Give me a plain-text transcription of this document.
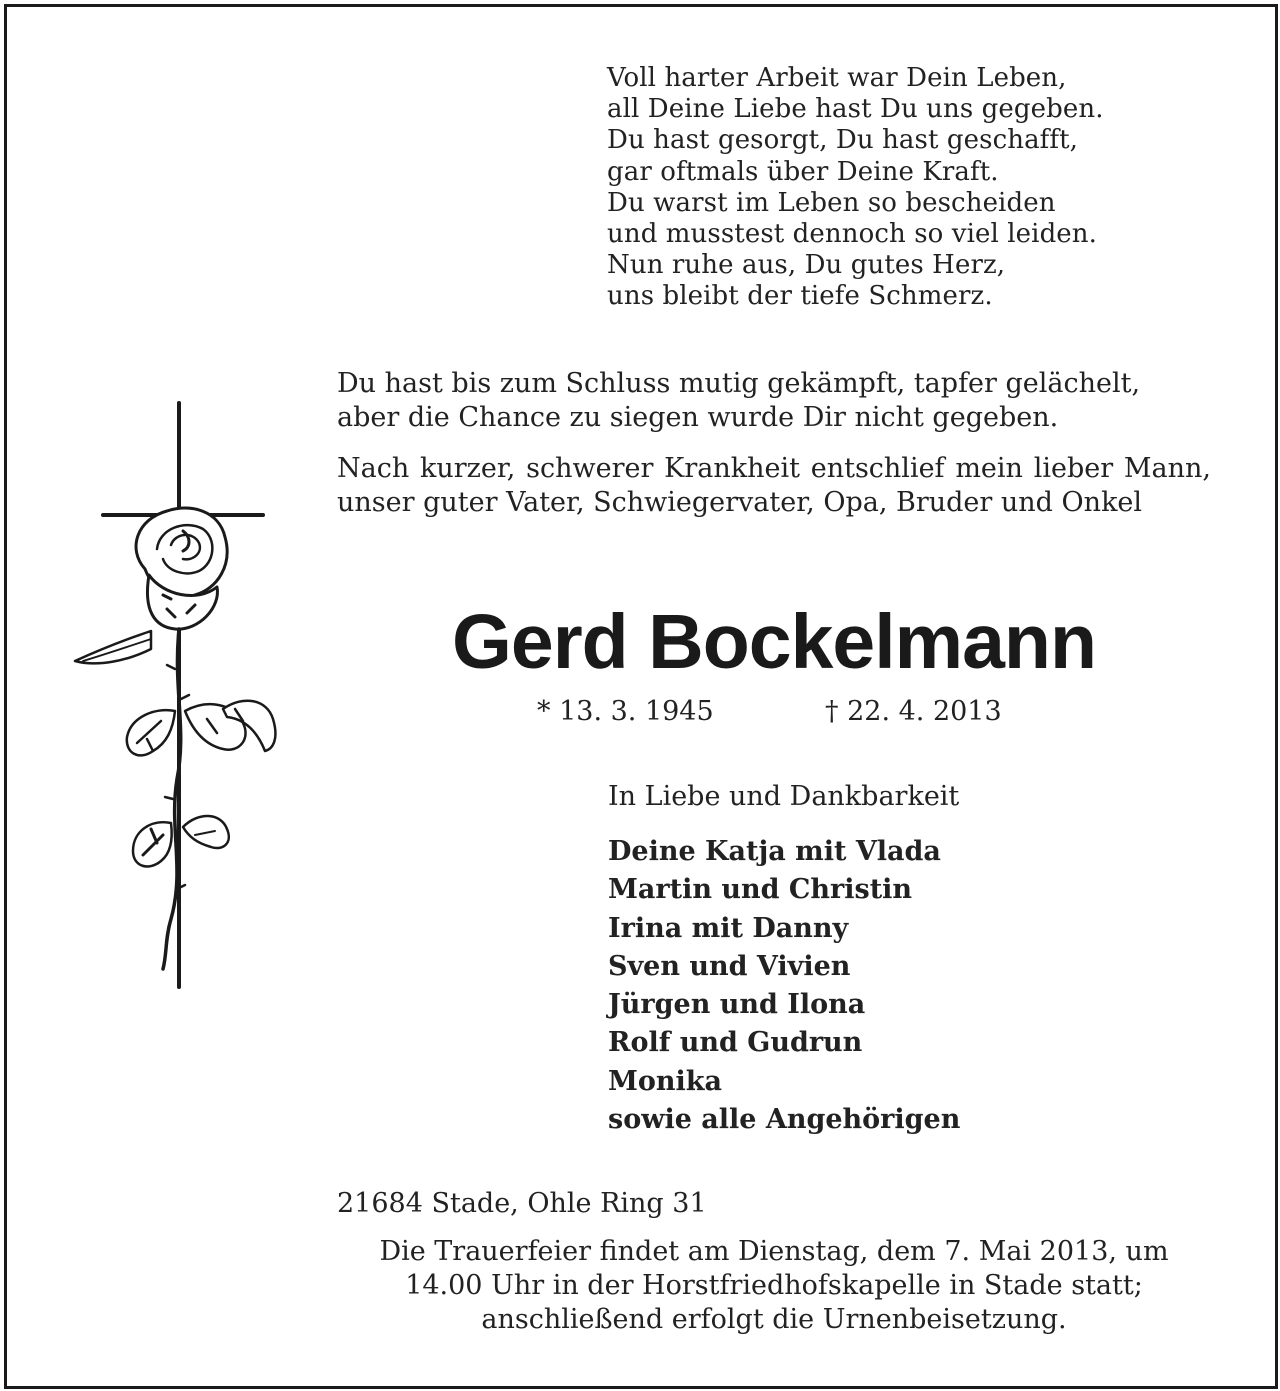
Voll harter Arbeit war Dein Leben,
all Deine Liebe hast Du uns gegeben.
Du hast gesorgt, Du hast geschafft,
gar oftmals über Deine Kraft.
Du warst im Leben so bescheiden
und musstest dennoch so viel leiden.
Nun ruhe aus, Du gutes Herz,
uns bleibt der tiefe Schmerz.
Du hast bis zum Schluss mutig gekämpft, tapfer gelächelt,
aber die Chance zu siegen wurde Dir nicht gegeben.
Nach kurzer, schwerer Krankheit entschlief mein lieber Mann, unser guter Vater, Schwiegervater, Opa, Bruder und Onkel
Gerd Bockelmann
* 13. 3. 1945	† 22. 4. 2013
In Liebe und Dankbarkeit
Deine Katja mit Vlada
Martin und Christin
Irina mit Danny
Sven und Vivien
Jürgen und Ilona
Rolf und Gudrun
Monika
sowie alle Angehörigen
21684 Stade, Ohle Ring 31
Die Trauerfeier findet am Dienstag, dem 7. Mai 2013, um 14.00 Uhr in der Horstfriedhofskapelle in Stade statt; anschließend erfolgt die Urnenbeisetzung.
